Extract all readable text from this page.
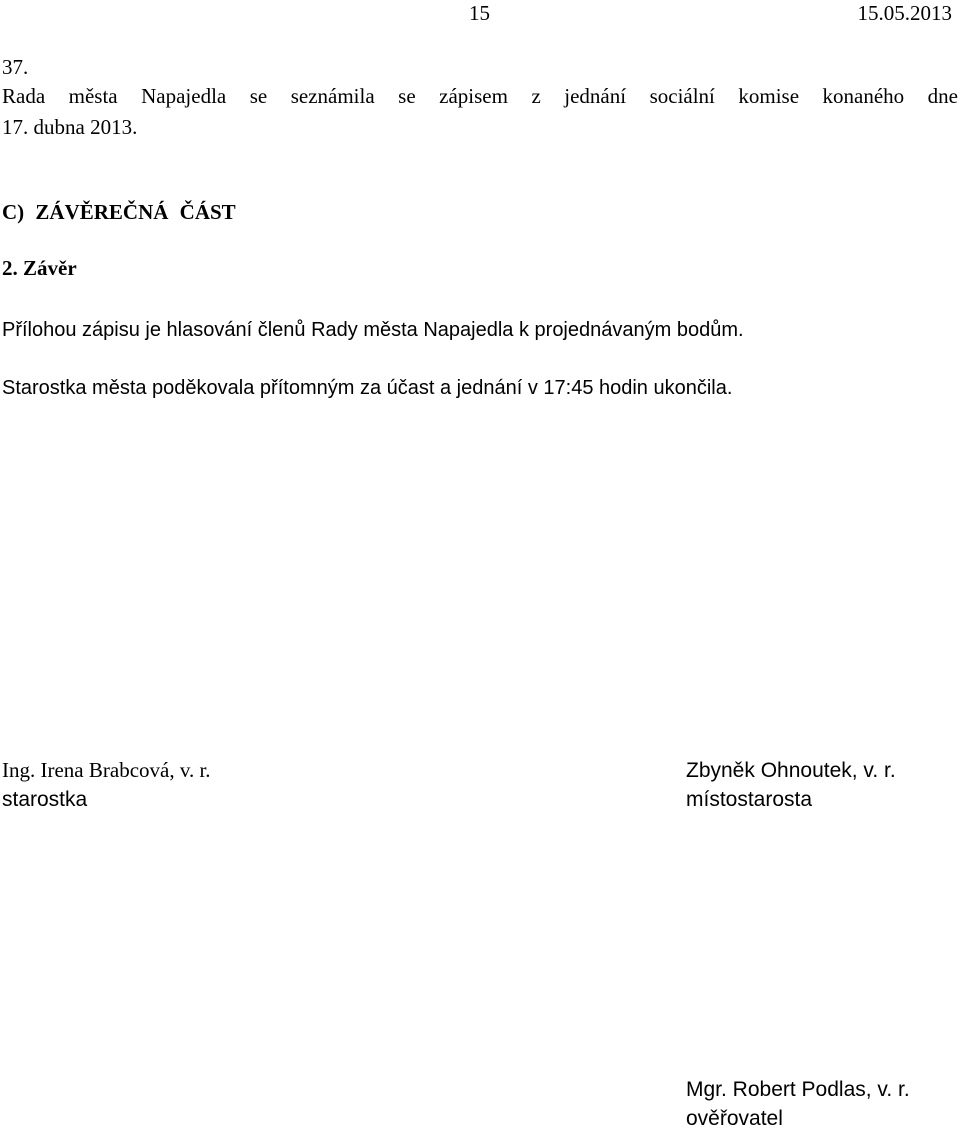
15	15.05.2013
37.
Rada města Napajedla se seznámila se zápisem z jednání sociální komise konaného dne
17. dubna 2013.
C) ZÁVĚREČNÁ ČÁST
2. Závěr
Přílohou zápisu je hlasování členů Rady města Napajedla k projednávaným bodům.
Starostka města poděkovala přítomným za účast a jednání v 17:45 hodin ukončila.
Ing. Irena Brabcová, v. r.
starostka
Zbyněk Ohnoutek, v. r.
místostarosta
Mgr. Robert Podlas, v. r.
ověřovatel
